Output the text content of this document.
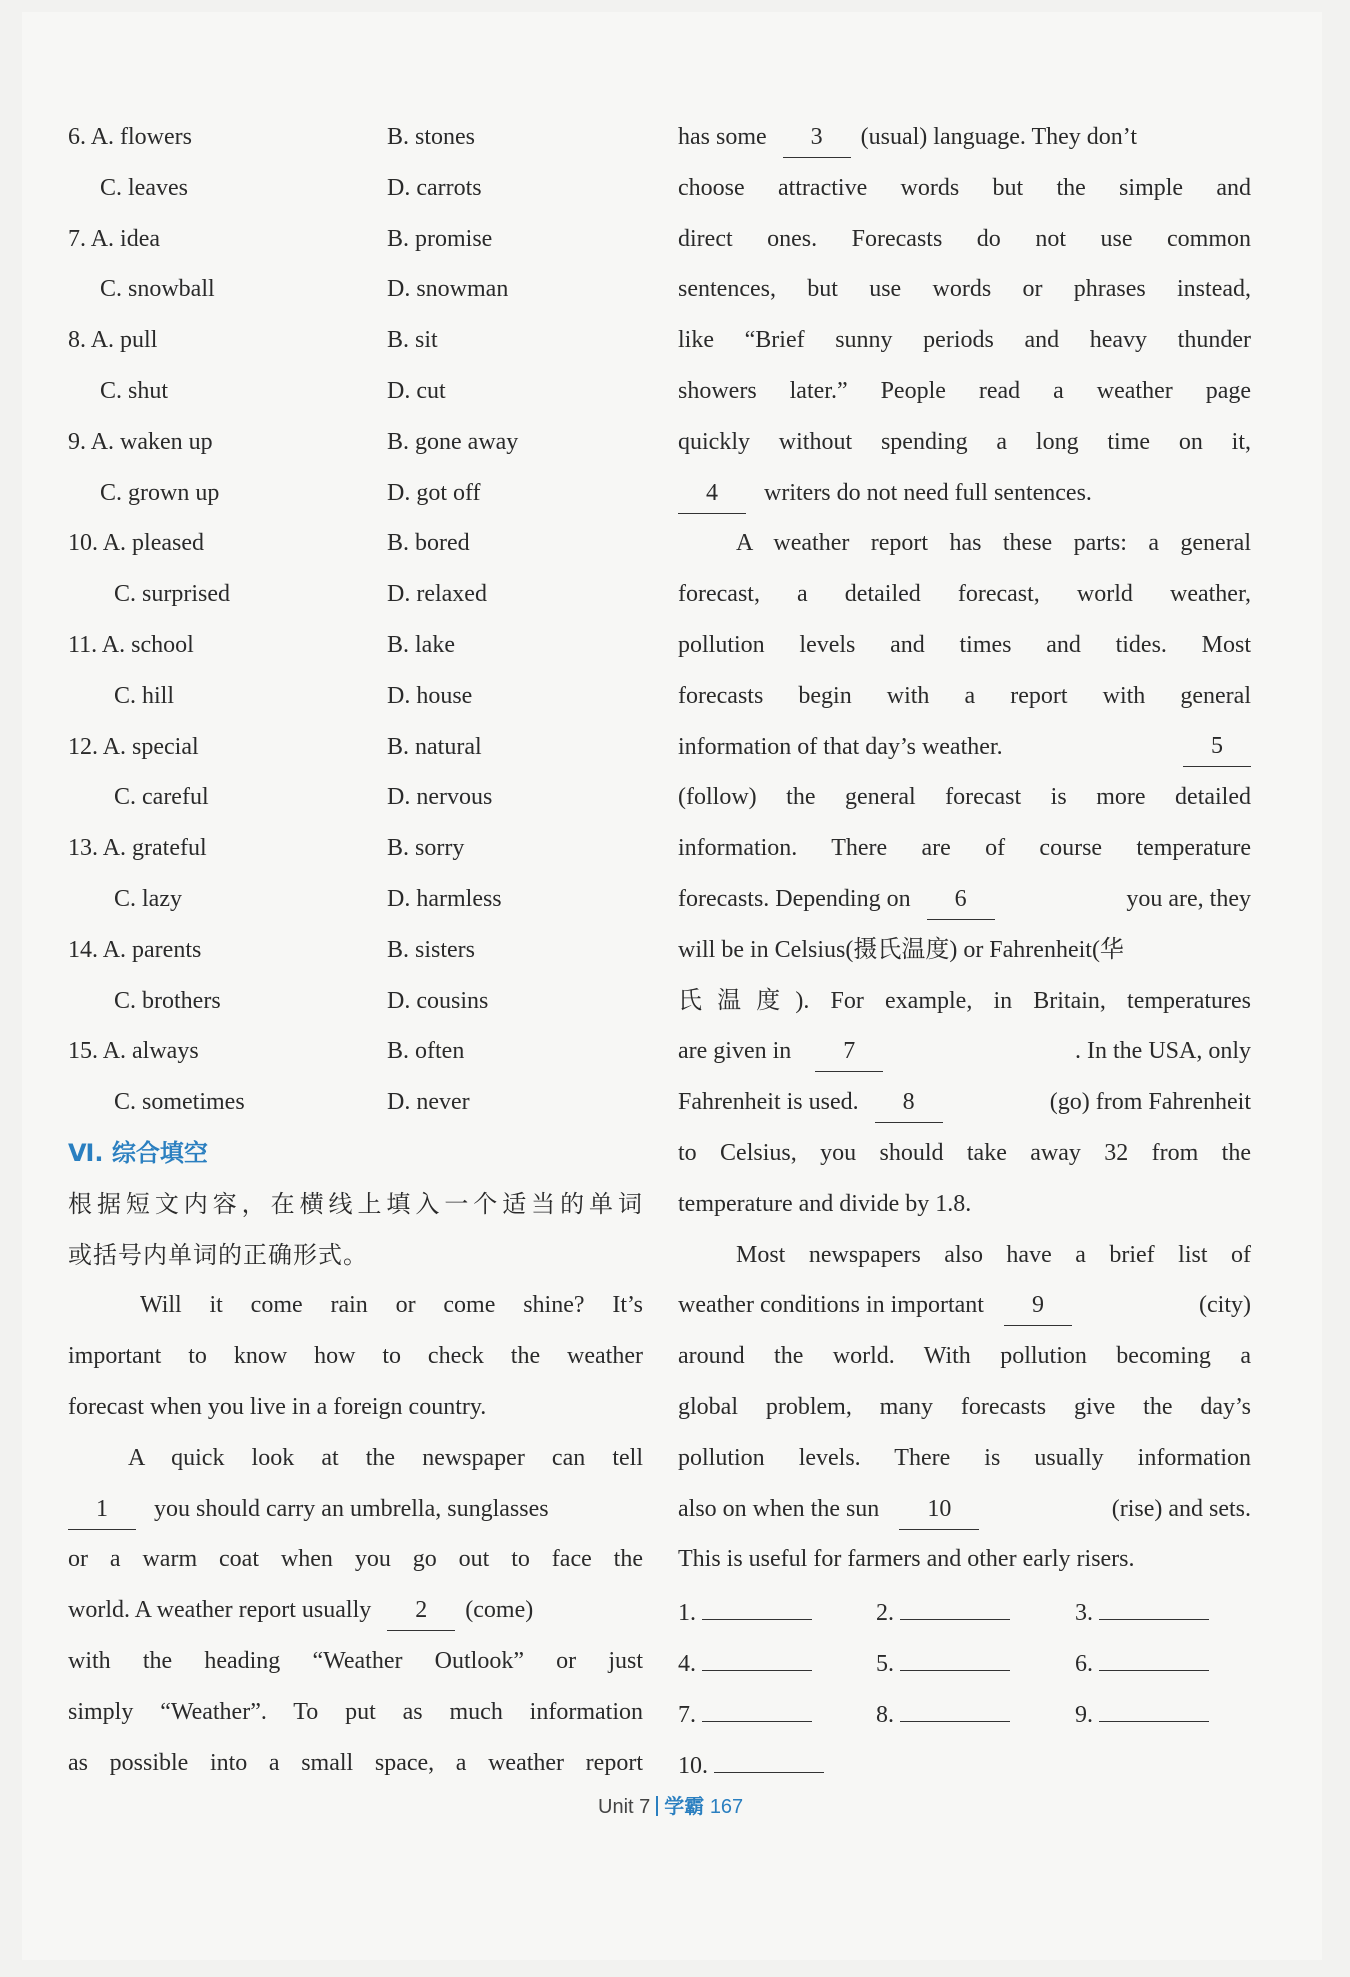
6. A. flowers	B. stones
C. leaves	D. carrots
7. A. idea	B. promise
C. snowball	D. snowman
8. A. pull	B. sit
C. shut	D. cut
9. A. waken up	B. gone away
C. grown up	D. got off
10. A. pleased	B. bored
C. surprised	D. relaxed
11. A. school	B. lake
C. hill	D. house
12. A. special	B. natural
C. careful	D. nervous
13. A. grateful	B. sorry
C. lazy	D. harmless
14. A. parents	B. sisters
C. brothers	D. cousins
15. A. always	B. often
C. sometimes	D. never
Ⅵ. 综合填空
根据短文内容，在横线上填入一个适当的单词
或括号内单词的正确形式。
Will it come rain or come shine? It’s
important to know how to check the weather
forecast when you live in a foreign country.
A quick look at the newspaper can tell
1 you should carry an umbrella, sunglasses
or a warm coat when you go out to face the
world. A weather report usually 2 (come)
with the heading “Weather Outlook” or just
simply “Weather”. To put as much information
as possible into a small space, a weather report
has some 3 (usual) language. They don’t
choose attractive words but the simple and
direct ones. Forecasts do not use common
sentences, but use words or phrases instead,
like “Brief sunny periods and heavy thunder
showers later.” People read a weather page
quickly without spending a long time on it,
4 writers do not need full sentences.
A weather report has these parts: a general
forecast, a detailed forecast, world weather,
pollution levels and times and tides. Most
forecasts begin with a report with general
information of that day’s weather.	5
(follow) the general forecast is more detailed
information. There are of course temperature
forecasts. Depending on 6	you are, they
will be in Celsius(摄氏温度) or Fahrenheit(华
氏温度). For example, in Britain, temperatures
are given in 7	. In the USA, only
Fahrenheit is used. 8	(go) from Fahrenheit
to Celsius, you should take away 32 from the
temperature and divide by 1.8.
Most newspapers also have a brief list of
weather conditions in important 9	(city)
around the world. With pollution becoming a
global problem, many forecasts give the day’s
pollution levels. There is usually information
also on when the sun 10	(rise) and sets.
This is useful for farmers and other early risers.
1.	2.	3.
4.	5.	6.
7.	8.	9.
10.
Unit 7 学霸 167
